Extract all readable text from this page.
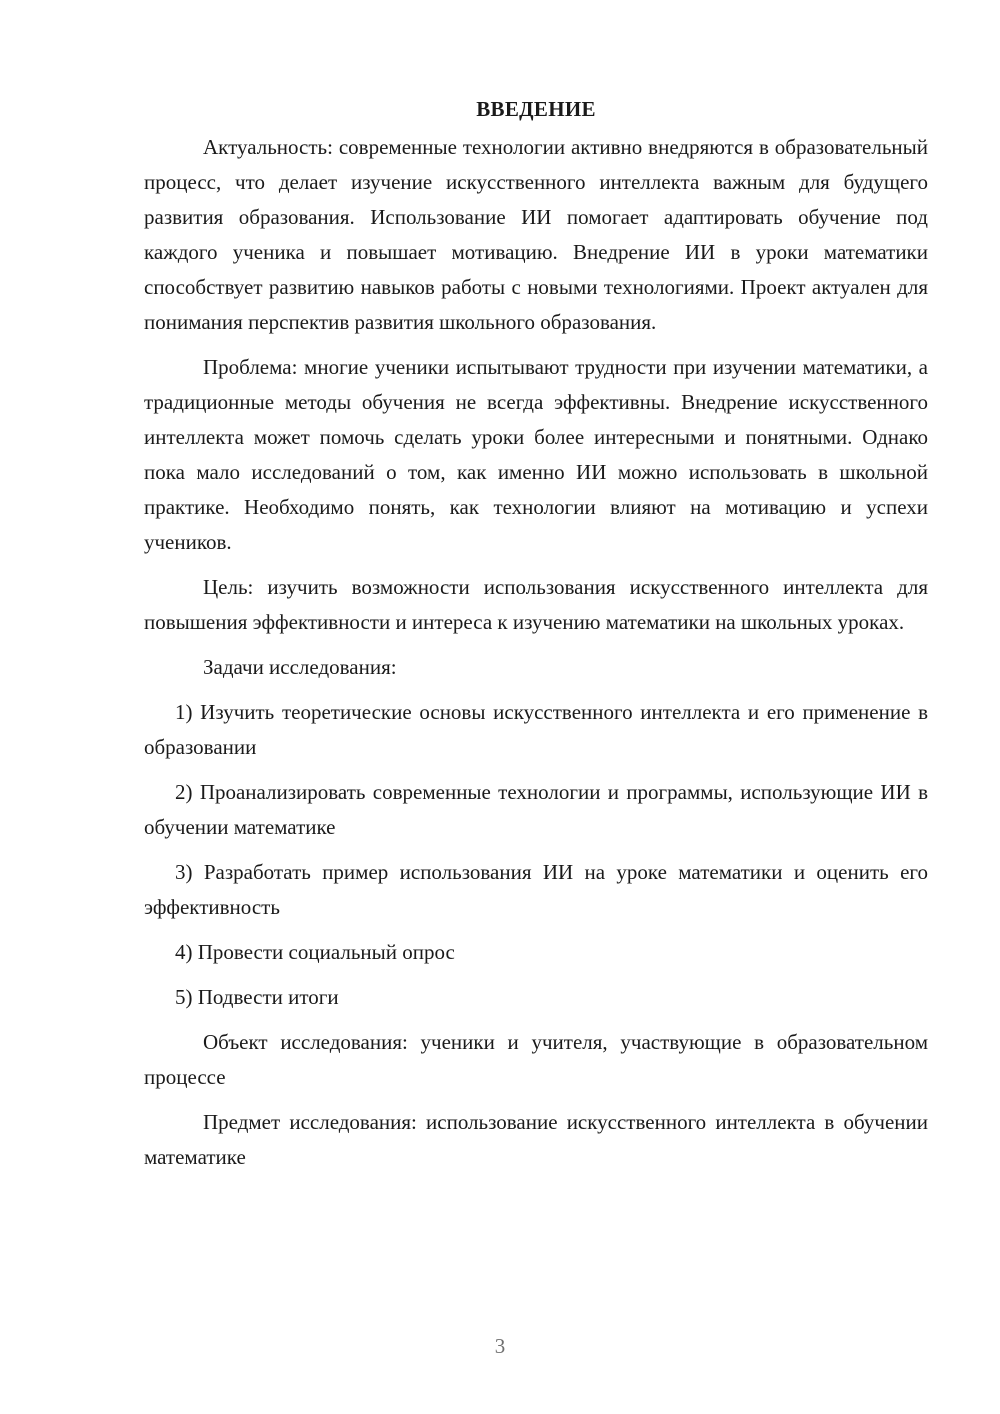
ВВЕДЕНИЕ

Актуальность: современные технологии активно внедряются в образовательный процесс, что делает изучение искусственного интеллекта важным для будущего развития образования. Использование ИИ помогает адаптировать обучение под каждого ученика и повышает мотивацию. Внедрение ИИ в уроки математики способствует развитию навыков работы с новыми технологиями. Проект актуален для понимания перспектив развития школьного образования.

Проблема: многие ученики испытывают трудности при изучении математики, а традиционные методы обучения не всегда эффективны. Внедрение искусственного интеллекта может помочь сделать уроки более интересными и понятными. Однако пока мало исследований о том, как именно ИИ можно использовать в школьной практике. Необходимо понять, как технологии влияют на мотивацию и успехи учеников.

Цель: изучить возможности использования искусственного интеллекта для повышения эффективности и интереса к изучению математики на школьных уроках.

Задачи исследования:

1) Изучить теоретические основы искусственного интеллекта и его применение в образовании

2) Проанализировать современные технологии и программы, использующие ИИ в обучении математике

3) Разработать пример использования ИИ на уроке математики и оценить его эффективность

4) Провести социальный опрос

5) Подвести итоги

Объект исследования: ученики и учителя, участвующие в образовательном процессе

Предмет исследования: использование искусственного интеллекта в обучении математике

3
